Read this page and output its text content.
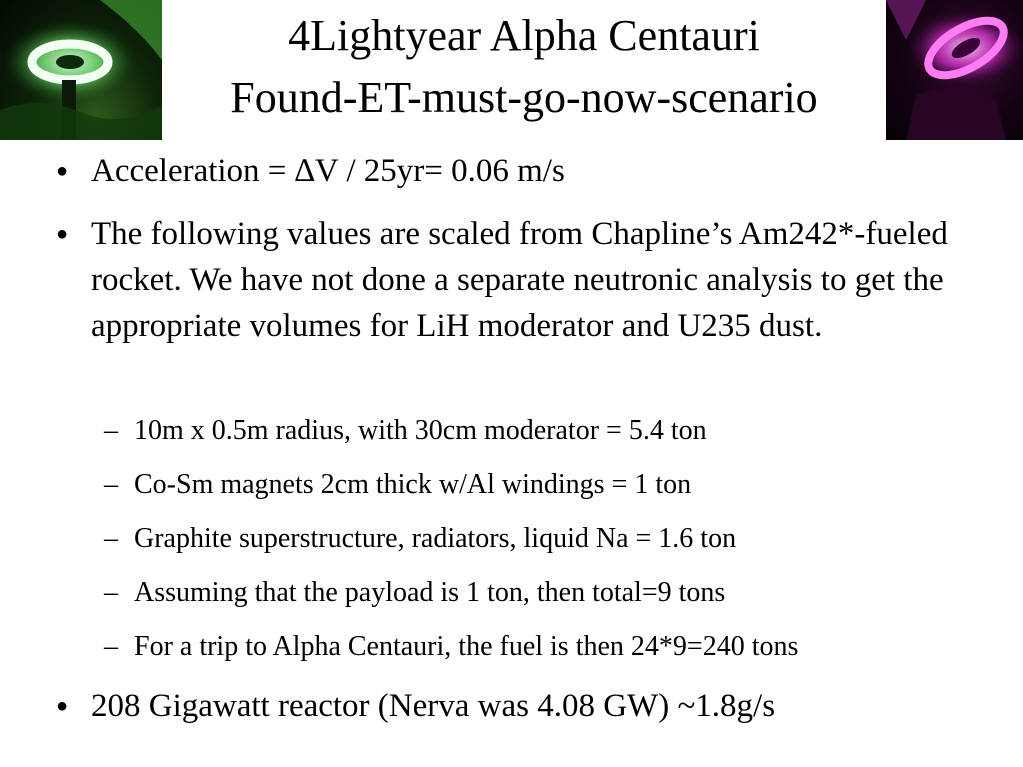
4Lightyear Alpha Centauri
Found-ET-must-go-now-scenario
● Acceleration = ∆V / 25yr= 0.06 m/s
● The following values are scaled from Chapline’s Am242*-fueled rocket. We have not done a separate neutronic analysis to get the appropriate volumes for LiH moderator and U235 dust.
– 10m x 0.5m radius, with 30cm moderator = 5.4 ton
– Co-Sm magnets 2cm thick w/Al windings = 1 ton
– Graphite superstructure, radiators, liquid Na = 1.6 ton
– Assuming that the payload is 1 ton, then total=9 tons
– For a trip to Alpha Centauri, the fuel is then 24*9=240 tons
● 208 Gigawatt reactor (Nerva was 4.08 GW) ~1.8g/s
